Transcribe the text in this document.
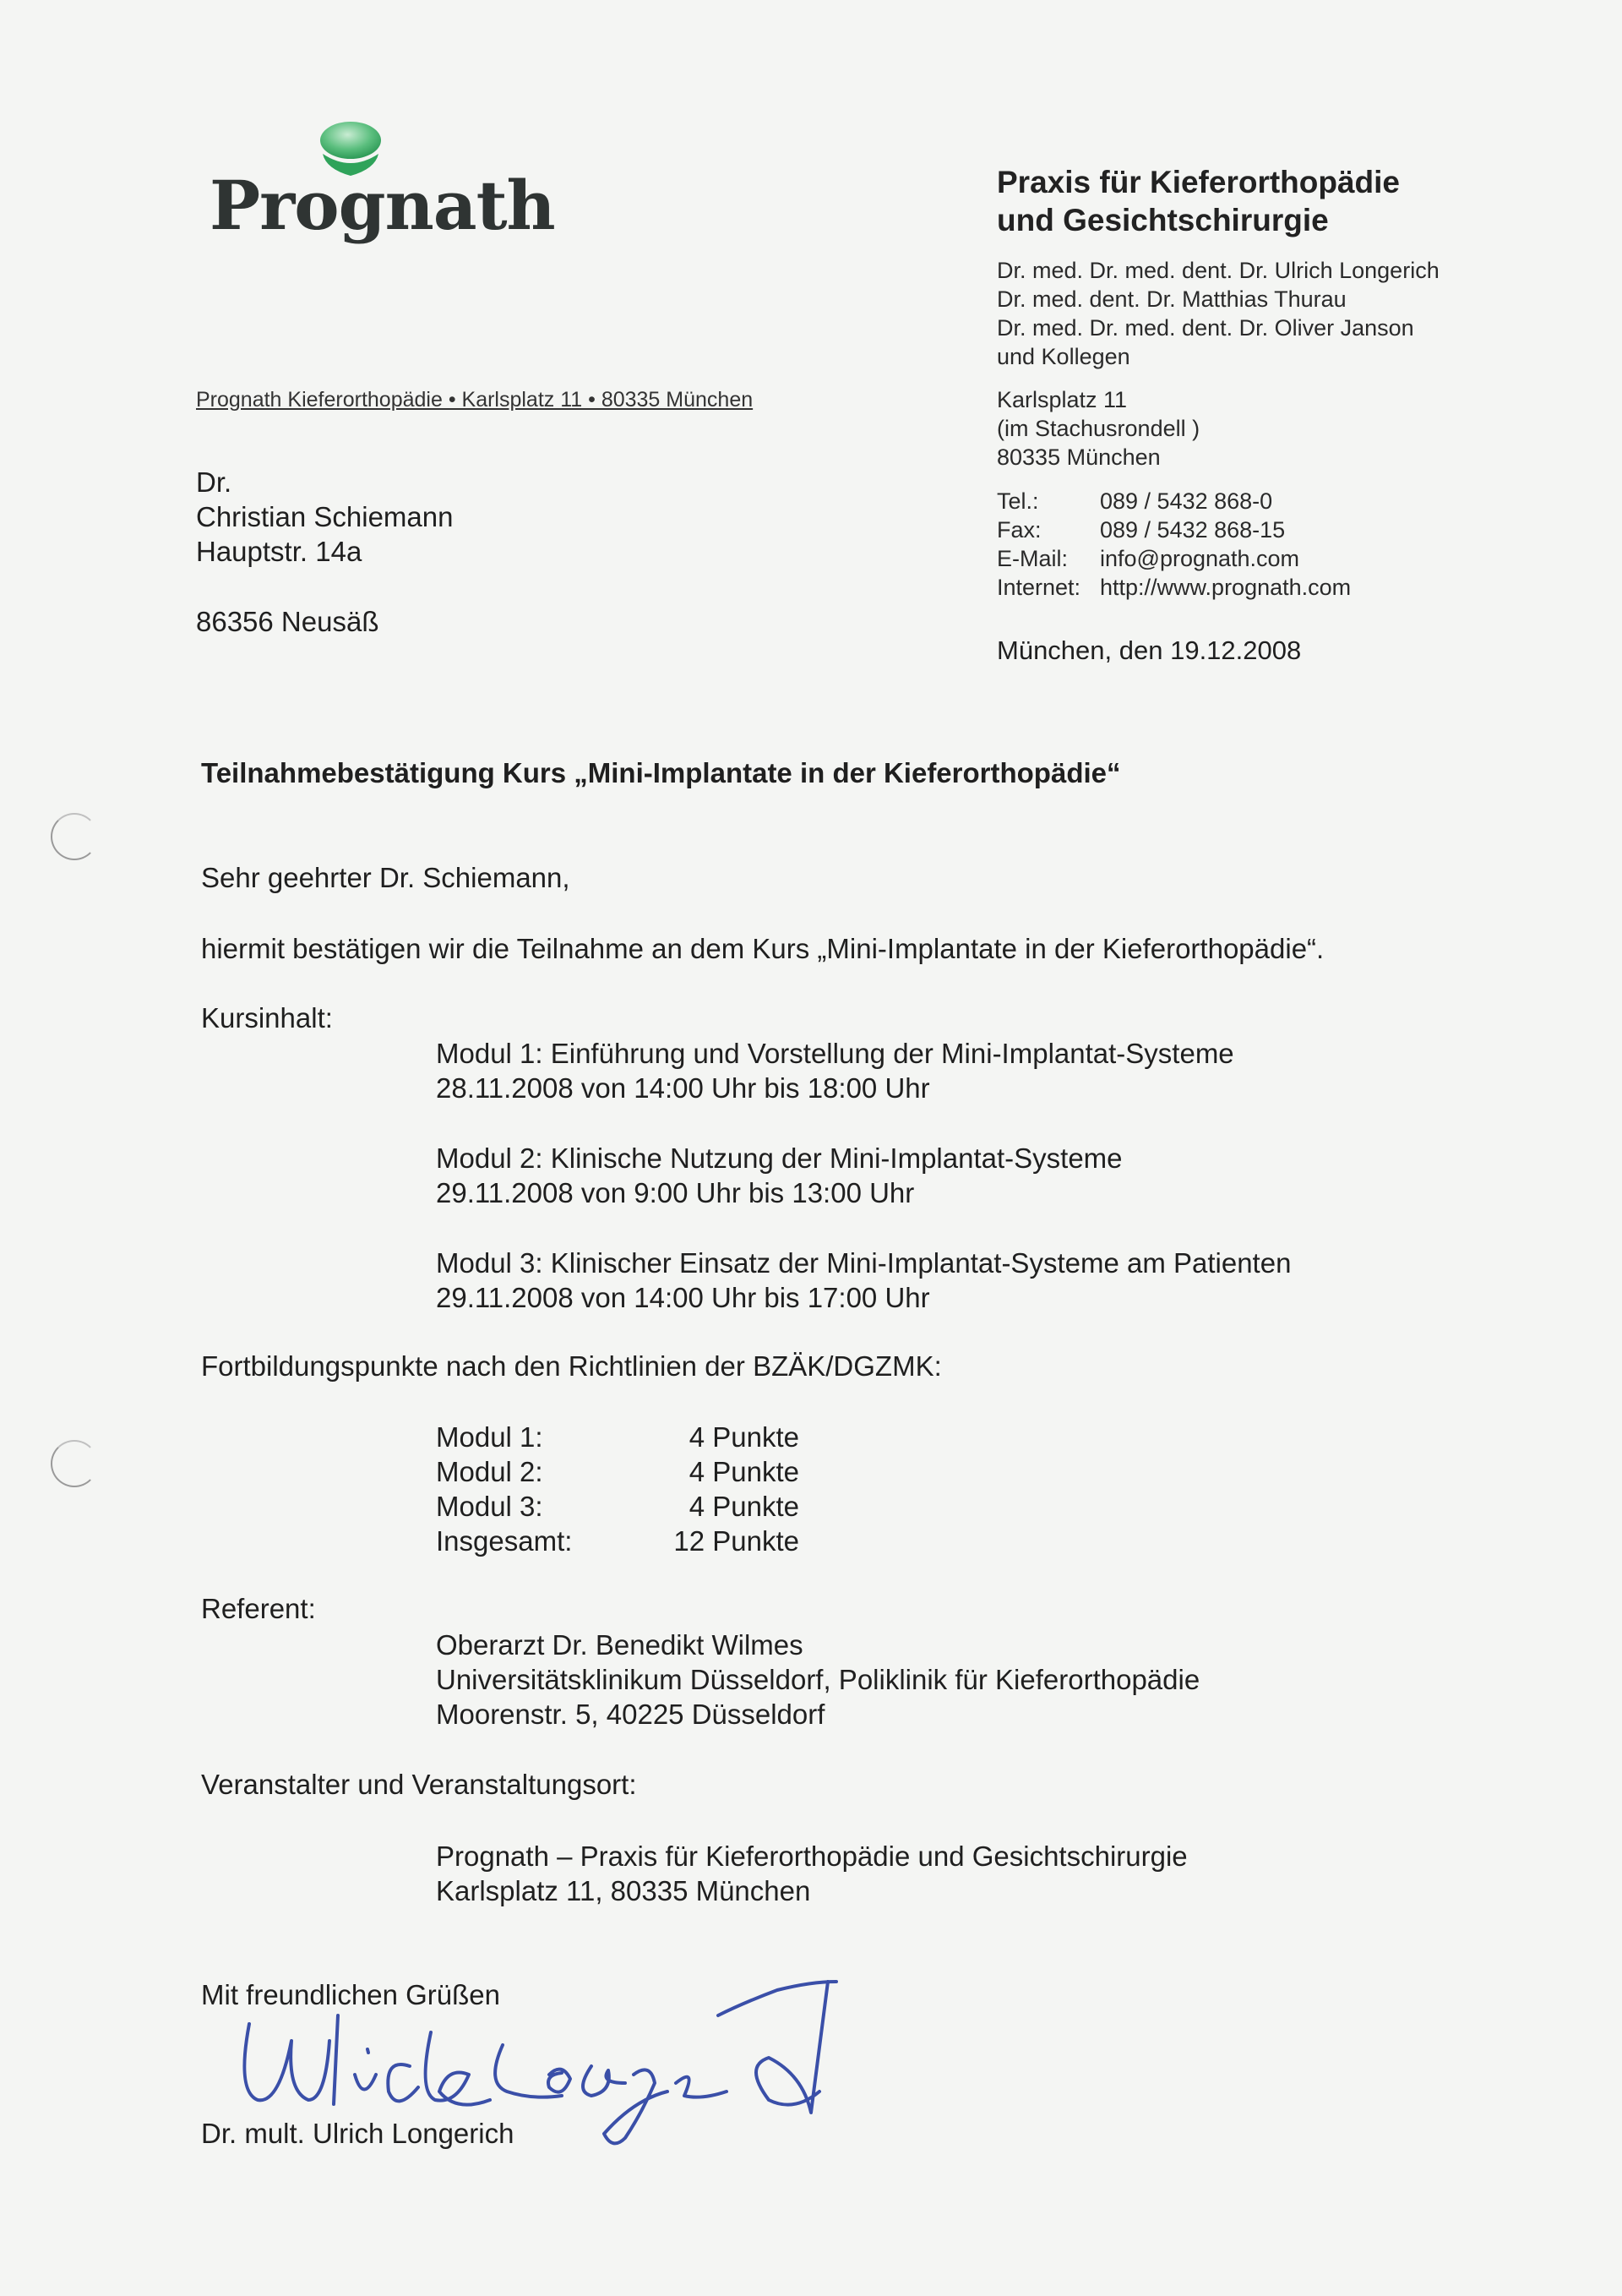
Prognath
Prognath Kieferorthopädie • Karlsplatz 11 • 80335 München
Dr.
Christian Schiemann
Hauptstr. 14a
86356 Neusäß
Praxis für Kieferorthopädie
und Gesichtschirurgie
Dr. med. Dr. med. dent. Dr. Ulrich Longerich
Dr. med. dent. Dr. Matthias Thurau
Dr. med. Dr. med. dent. Dr. Oliver Janson
und Kollegen
Karlsplatz 11
(im Stachusrondell )
80335 München
Tel.:	089 / 5432 868-0
Fax:	089 / 5432 868-15
E-Mail:	info@prognath.com
Internet: http://www.prognath.com
München, den 19.12.2008
Teilnahmebestätigung Kurs „Mini-Implantate in der Kieferorthopädie“
Sehr geehrter Dr. Schiemann,
hiermit bestätigen wir die Teilnahme an dem Kurs „Mini-Implantate in der Kieferorthopädie“.
Kursinhalt:
Modul 1: Einführung und Vorstellung der Mini-Implantat-Systeme
28.11.2008 von 14:00 Uhr bis 18:00 Uhr
Modul 2: Klinische Nutzung der Mini-Implantat-Systeme
29.11.2008 von 9:00 Uhr bis 13:00 Uhr
Modul 3: Klinischer Einsatz der Mini-Implantat-Systeme am Patienten
29.11.2008 von 14:00 Uhr bis 17:00 Uhr
Fortbildungspunkte nach den Richtlinien der BZÄK/DGZMK:
Modul 1:	4 Punkte
Modul 2:	4 Punkte
Modul 3:	4 Punkte
Insgesamt:	12 Punkte
Referent:
Oberarzt Dr. Benedikt Wilmes
Universitätsklinikum Düsseldorf, Poliklinik für Kieferorthopädie
Moorenstr. 5, 40225 Düsseldorf
Veranstalter und Veranstaltungsort:
Prognath – Praxis für Kieferorthopädie und Gesichtschirurgie
Karlsplatz 11, 80335 München
Mit freundlichen Grüßen
Dr. mult. Ulrich Longerich
